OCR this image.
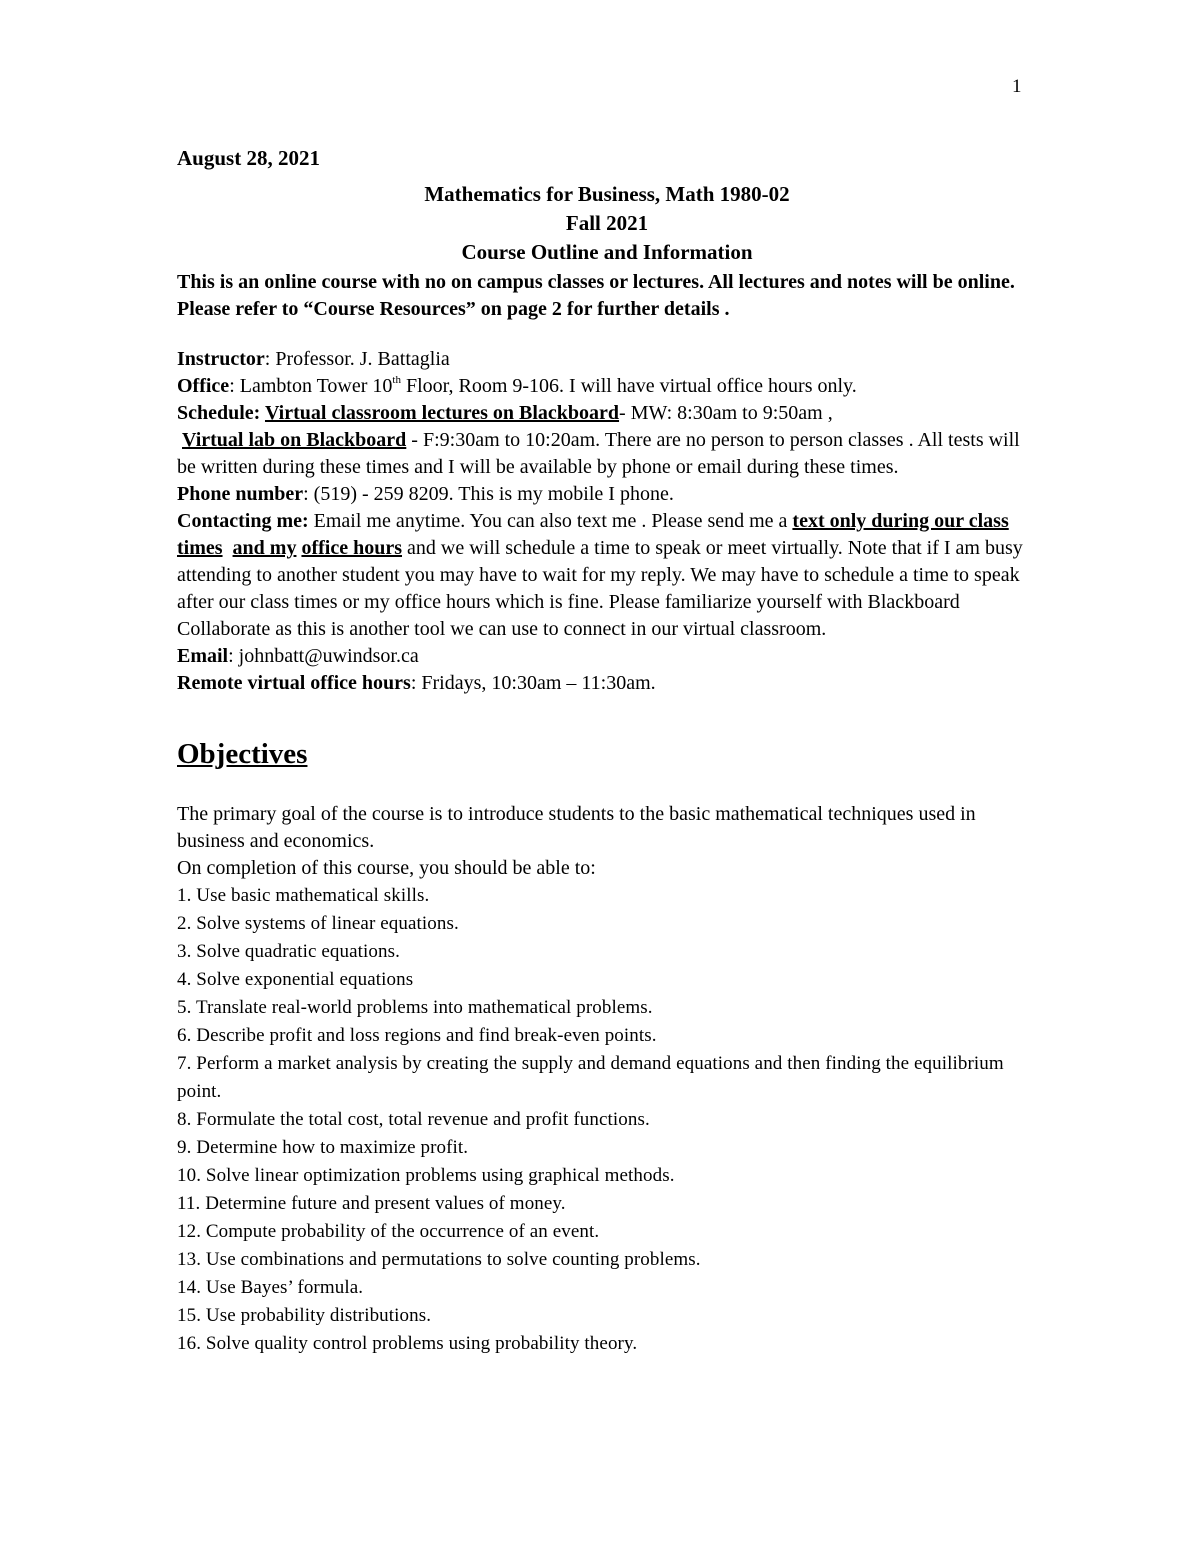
1
August 28, 2021
Mathematics for Business, Math 1980-02
Fall 2021
Course Outline and Information
This is an online course with no on campus classes or lectures. All lectures and notes will be online. Please refer to “Course Resources” on page 2 for further details .

Instructor: Professor. J. Battaglia

Office: Lambton Tower 10th Floor, Room 9-106. I will have virtual office hours only.

Schedule: Virtual classroom lectures on Blackboard- MW: 8:30am to 9:50am ,
Virtual lab on Blackboard - F:9:30am to 10:20am. There are no person to person classes . All tests will be written during these times and I will be available by phone or email during these times.

Phone number: (519) - 259 8209. This is my mobile I phone.

Contacting me: Email me anytime. You can also text me . Please send me a text only during our class times and my office hours and we will schedule a time to speak or meet virtually. Note that if I am busy attending to another student you may have to wait for my reply. We may have to schedule a time to speak after our class times or my office hours which is fine. Please familiarize yourself with Blackboard Collaborate as this is another tool we can use to connect in our virtual classroom.

Email: johnbatt@uwindsor.ca

Remote virtual office hours: Fridays, 10:30am – 11:30am.

Objectives

The primary goal of the course is to introduce students to the basic mathematical techniques used in business and economics.

On completion of this course, you should be able to:

1. Use basic mathematical skills.
2. Solve systems of linear equations.
3. Solve quadratic equations.
4. Solve exponential equations
5. Translate real-world problems into mathematical problems.
6. Describe profit and loss regions and find break-even points.
7. Perform a market analysis by creating the supply and demand equations and then finding the equilibrium point.
8. Formulate the total cost, total revenue and profit functions.
9. Determine how to maximize profit.
10. Solve linear optimization problems using graphical methods.
11. Determine future and present values of money.
12. Compute probability of the occurrence of an event.
13. Use combinations and permutations to solve counting problems.
14. Use Bayes’ formula.
15. Use probability distributions.
16. Solve quality control problems using probability theory.
